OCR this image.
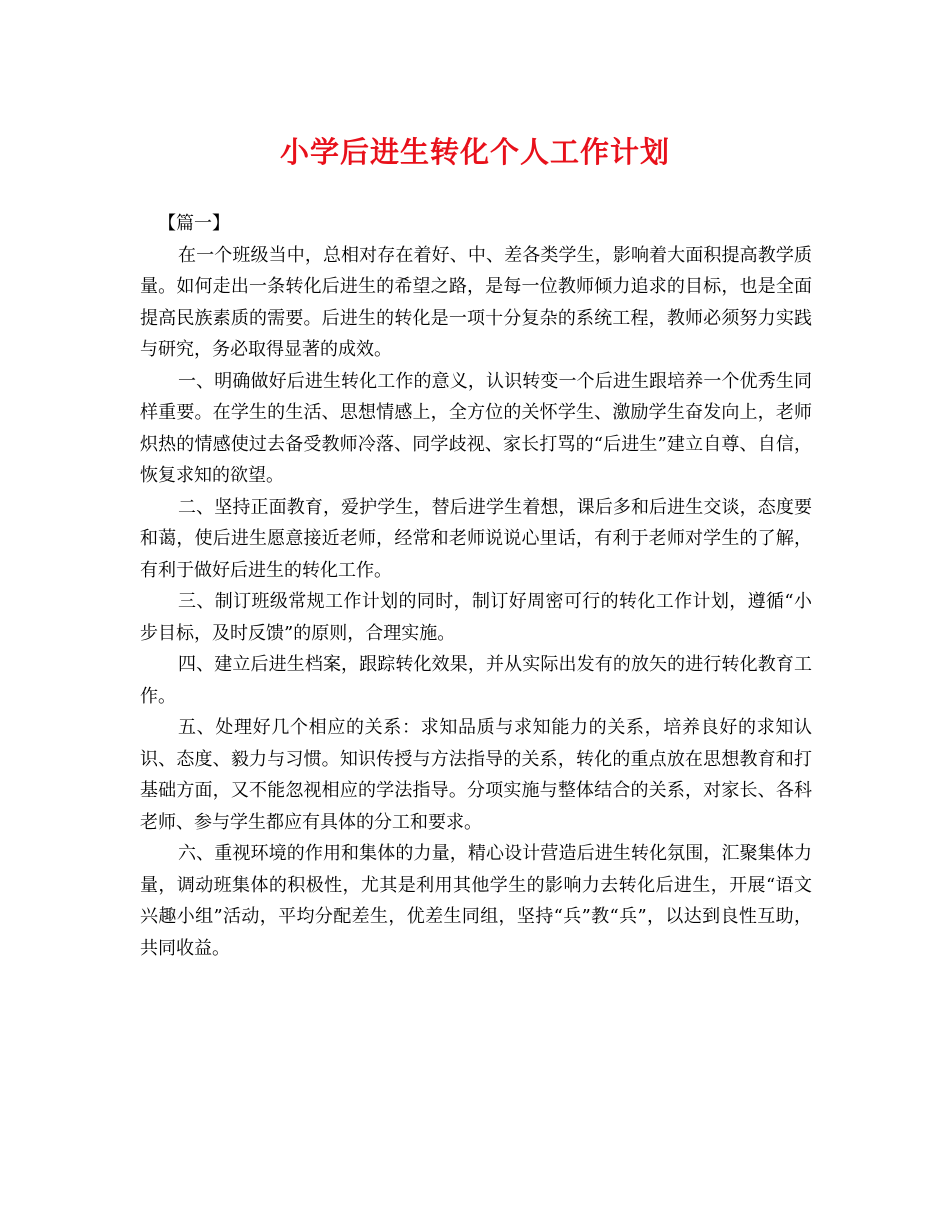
小学后进生转化个人工作计划

【篇一】

在一个班级当中，总相对存在着好、中、差各类学生，影响着大面积提高教学质量。如何走出一条转化后进生的希望之路，是每一位教师倾力追求的目标，也是全面提高民族素质的需要。后进生的转化是一项十分复杂的系统工程，教师必须努力实践与研究，务必取得显著的成效。

一、明确做好后进生转化工作的意义，认识转变一个后进生跟培养一个优秀生同样重要。在学生的生活、思想情感上，全方位的关怀学生、激励学生奋发向上，老师炽热的情感使过去备受教师冷落、同学歧视、家长打骂的“后进生”建立自尊、自信，恢复求知的欲望。

二、坚持正面教育，爱护学生，替后进学生着想，课后多和后进生交谈，态度要和蔼，使后进生愿意接近老师，经常和老师说说心里话，有利于老师对学生的了解，有利于做好后进生的转化工作。

三、制订班级常规工作计划的同时，制订好周密可行的转化工作计划，遵循“小步目标，及时反馈”的原则，合理实施。

四、建立后进生档案，跟踪转化效果，并从实际出发有的放矢的进行转化教育工作。

五、处理好几个相应的关系：求知品质与求知能力的关系，培养良好的求知认识、态度、毅力与习惯。知识传授与方法指导的关系，转化的重点放在思想教育和打基础方面，又不能忽视相应的学法指导。分项实施与整体结合的关系，对家长、各科老师、参与学生都应有具体的分工和要求。

六、重视环境的作用和集体的力量，精心设计营造后进生转化氛围，汇聚集体力量，调动班集体的积极性，尤其是利用其他学生的影响力去转化后进生，开展“语文兴趣小组”活动，平均分配差生，优差生同组，坚持“兵”教“兵”，以达到良性互助，共同收益。
